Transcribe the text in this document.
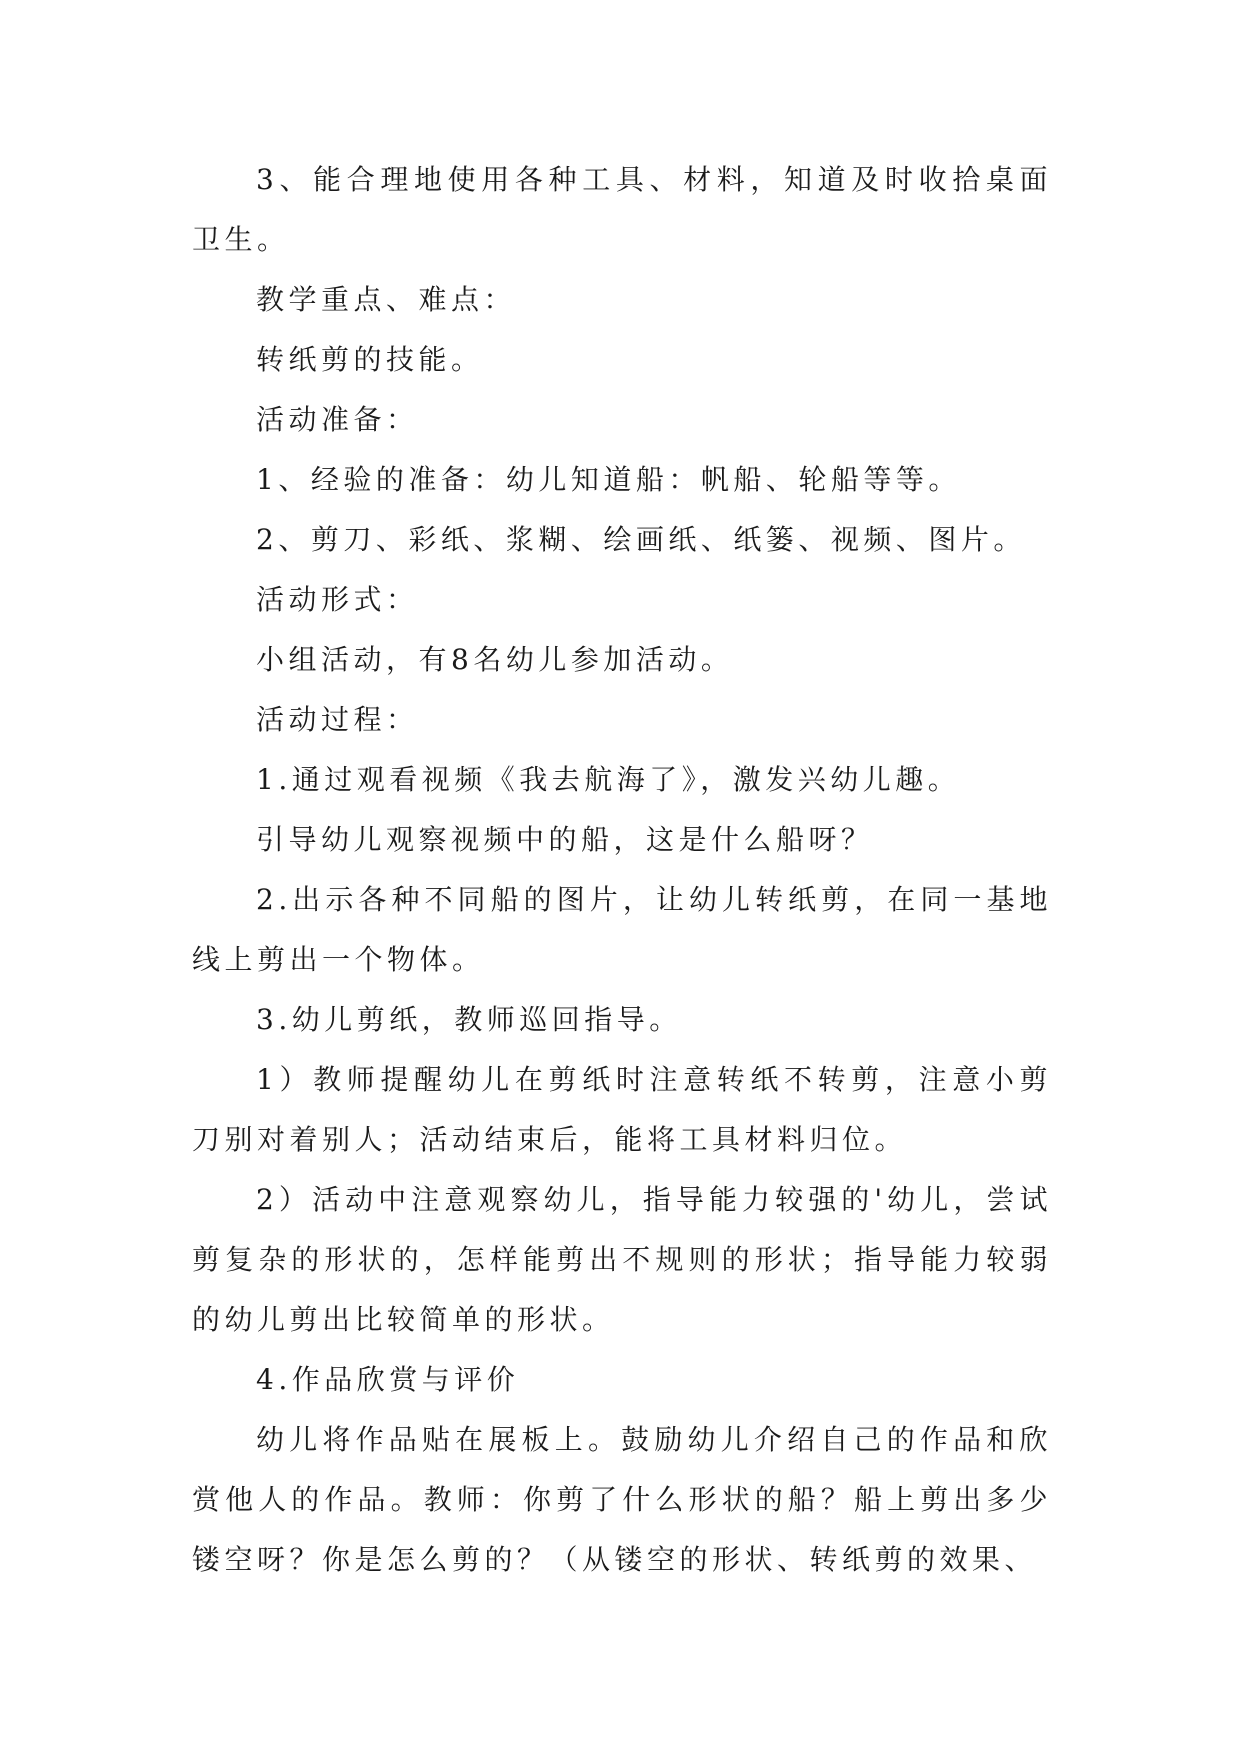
3、能合理地使用各种工具、材料，知道及时收拾桌面卫生。

教学重点、难点：

转纸剪的技能。

活动准备：

1、经验的准备：幼儿知道船：帆船、轮船等等。

2、剪刀、彩纸、浆糊、绘画纸、纸篓、视频、图片。

活动形式：

小组活动，有8名幼儿参加活动。

活动过程：

1.通过观看视频《我去航海了》，激发兴幼儿趣。

引导幼儿观察视频中的船，这是什么船呀？

2.出示各种不同船的图片，让幼儿转纸剪，在同一基地线上剪出一个物体。

3.幼儿剪纸，教师巡回指导。

1）教师提醒幼儿在剪纸时注意转纸不转剪，注意小剪刀别对着别人；活动结束后，能将工具材料归位。

2）活动中注意观察幼儿，指导能力较强的'幼儿，尝试剪复杂的形状的，怎样能剪出不规则的形状；指导能力较弱的幼儿剪出比较简单的形状。

4.作品欣赏与评价

幼儿将作品贴在展板上。鼓励幼儿介绍自己的作品和欣赏他人的作品。教师：你剪了什么形状的船？船上剪出多少镂空呀？你是怎么剪的？（从镂空的形状、转纸剪的效果、
